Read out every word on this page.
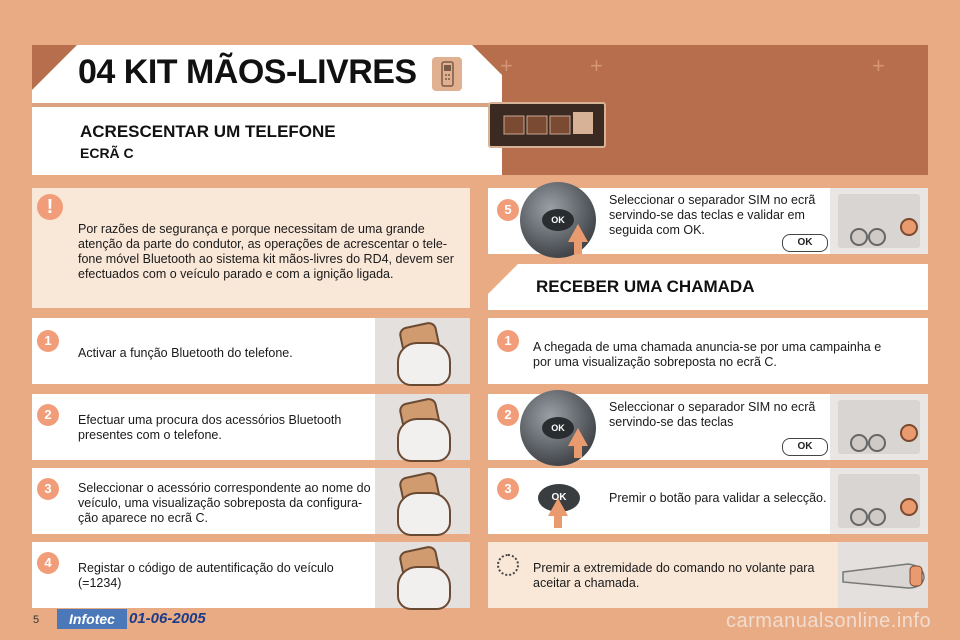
+	+	+
04 KIT MÃOS-LIVRES
ACRESCENTAR UM TELEFONE
ECRÃ C
!
Por razões de segurança e porque necessitam de uma grande atenção da parte do condutor, as operações de acrescentar o tele-fone móvel Bluetooth ao sistema kit mãos-livres do RD4, devem ser efectuados com o veículo parado e com a ignição ligada.
1
Activar a função Bluetooth do telefone.
2	Efectuar uma procura dos acessórios Bluetooth presentes com o telefone.
3	Seleccionar o acessório correspondente ao nome do veículo, uma visualização sobreposta da configura-ção aparece no ecrã C.
4	Registar o código de autentificação do veículo (=1234)
5
OK
Seleccionar o separador SIM no ecrã servindo-se das teclas e validar em seguida com OK.
OK
RECEBER UMA CHAMADA
1	A chegada de uma chamada anuncia-se por uma campainha e por uma visualização sobreposta no ecrã C.
2
OK
Seleccionar o separador SIM no ecrã servindo-se das teclas
OK
3
OK	Premir o botão para validar a selecção.
Premir a extremidade do comando no volante para aceitar a chamada.
5	Infotec 01-06-2005	carmanualsonline.info
